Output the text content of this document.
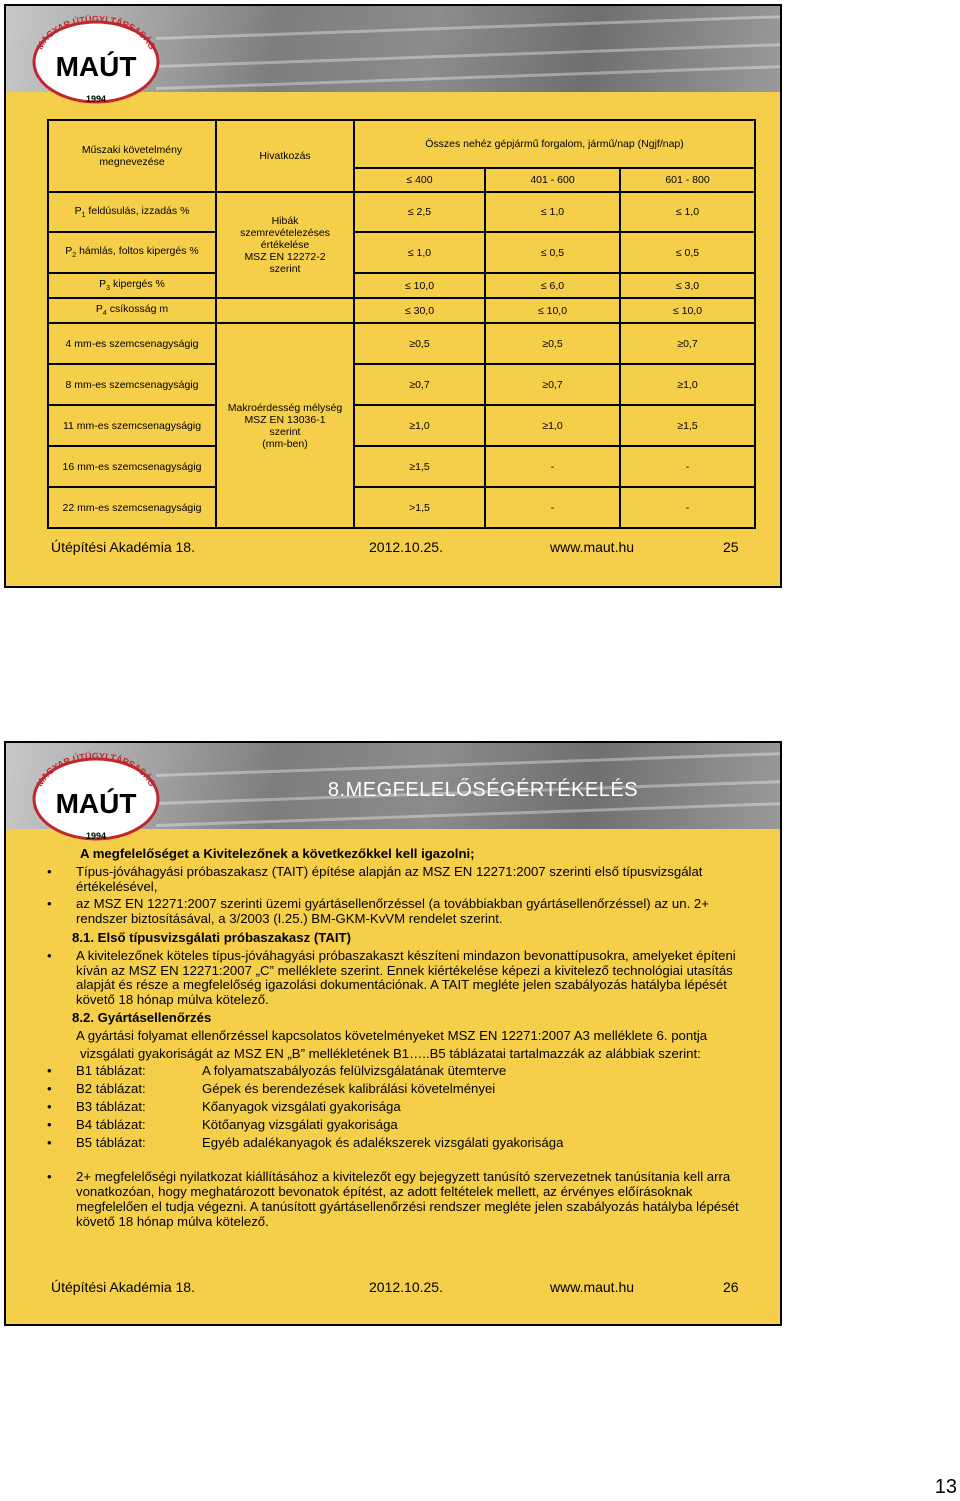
MAGYAR ÚTÜGYI TÁRSASÁG
MAÚT
1994
Műszaki követelmény megnevezése	Hivatkozás	Összes nehéz gépjármű forgalom, jármű/nap (Ngjf/nap)		
		≤ 400	401 - 600	601 - 800
$P_1$ feldúsulás, izzadás %	Hibák
szemrevételezéses
értékelése
MSZ EN 12272-2
szerint	≤ 2,5	≤ 1,0	≤ 1,0
$P_2$ hámlás, foltos kipergés %		≤ 1,0	≤ 0,5	≤ 0,5
$P_3$ kipergés %		≤ 10,0	≤ 6,0	≤ 3,0
$P_4$ csíkosság m		≤ 30,0	≤ 10,0	≤ 10,0
4 mm-es szemcsenagyságig	Makroérdesség mélység
MSZ EN 13036-1
szerint
(mm-ben)	≥0,5	≥0,5	≥0,7
8 mm-es szemcsenagyságig		≥0,7	≥0,7	≥1,0
11 mm-es szemcsenagyságig		≥1,0	≥1,0	≥1,5
16 mm-es szemcsenagyságig		≥1,5	-	-
22 mm-es szemcsenagyságig		>1,5	-	-
Útépítési Akadémia 18.	2012.10.25.	www.maut.hu	25
8.MEGFELELŐSÉGÉRTÉKELÉS
MAGYAR ÚTÜGYI TÁRSASÁG
MAÚT
1994

A megfelelőséget a Kivitelezőnek a következőkkel kell igazolni;

• Típus-jóváhagyási próbaszakasz (TAIT) építése alapján az MSZ EN 12271:2007 szerinti első típusvizsgálat értékelésével,

• az MSZ EN 12271:2007 szerinti üzemi gyártásellenőrzéssel (a továbbiakban gyártásellenőrzéssel) az un. 2+ rendszer biztosításával, a 3/2003 (I.25.) BM-GKM-KvVM rendelet szerint.

8.1. Első típusvizsgálati próbaszakasz (TAIT)

• A kivitelezőnek köteles típus-jóváhagyási próbaszakaszt készíteni mindazon bevonattípusokra, amelyeket építeni kíván az MSZ EN 12271:2007 „C” melléklete szerint. Ennek kiértékelése képezi a kivitelező technológiai utasítás alapját és része a megfelelőség igazolási dokumentációnak. A TAIT megléte jelen szabályozás hatályba lépését követő 18 hónap múlva kötelező.

8.2. Gyártásellenőrzés

A gyártási folyamat ellenőrzéssel kapcsolatos követelményeket MSZ EN 12271:2007 A3 melléklete 6. pontja

vizsgálati gyakoriságát az MSZ EN „B” mellékletének B1…..B5 táblázatai tartalmazzák az alábbiak szerint:

• B1 táblázat:	A folyamatszabályozás felülvizsgálatának ütemterve

• B2 táblázat:	Gépek és berendezések kalibrálási követelményei

• B3 táblázat:	Kőanyagok vizsgálati gyakorisága

• B4 táblázat:	Kötőanyag vizsgálati gyakorisága

• B5 táblázat:	Egyéb adalékanyagok és adalékszerek vizsgálati gyakorisága

• 2+ megfelelőségi nyilatkozat kiállításához a kivitelezőt egy bejegyzett tanúsító szervezetnek tanúsítania kell arra vonatkozóan, hogy meghatározott bevonatok építést, az adott feltételek mellett, az érvényes előírásoknak megfelelően el tudja végezni. A tanúsított gyártásellenőrzési rendszer megléte jelen szabályozás hatályba lépését követő 18 hónap múlva kötelező.

Útépítési Akadémia 18.	2012.10.25.	www.maut.hu	26
13
